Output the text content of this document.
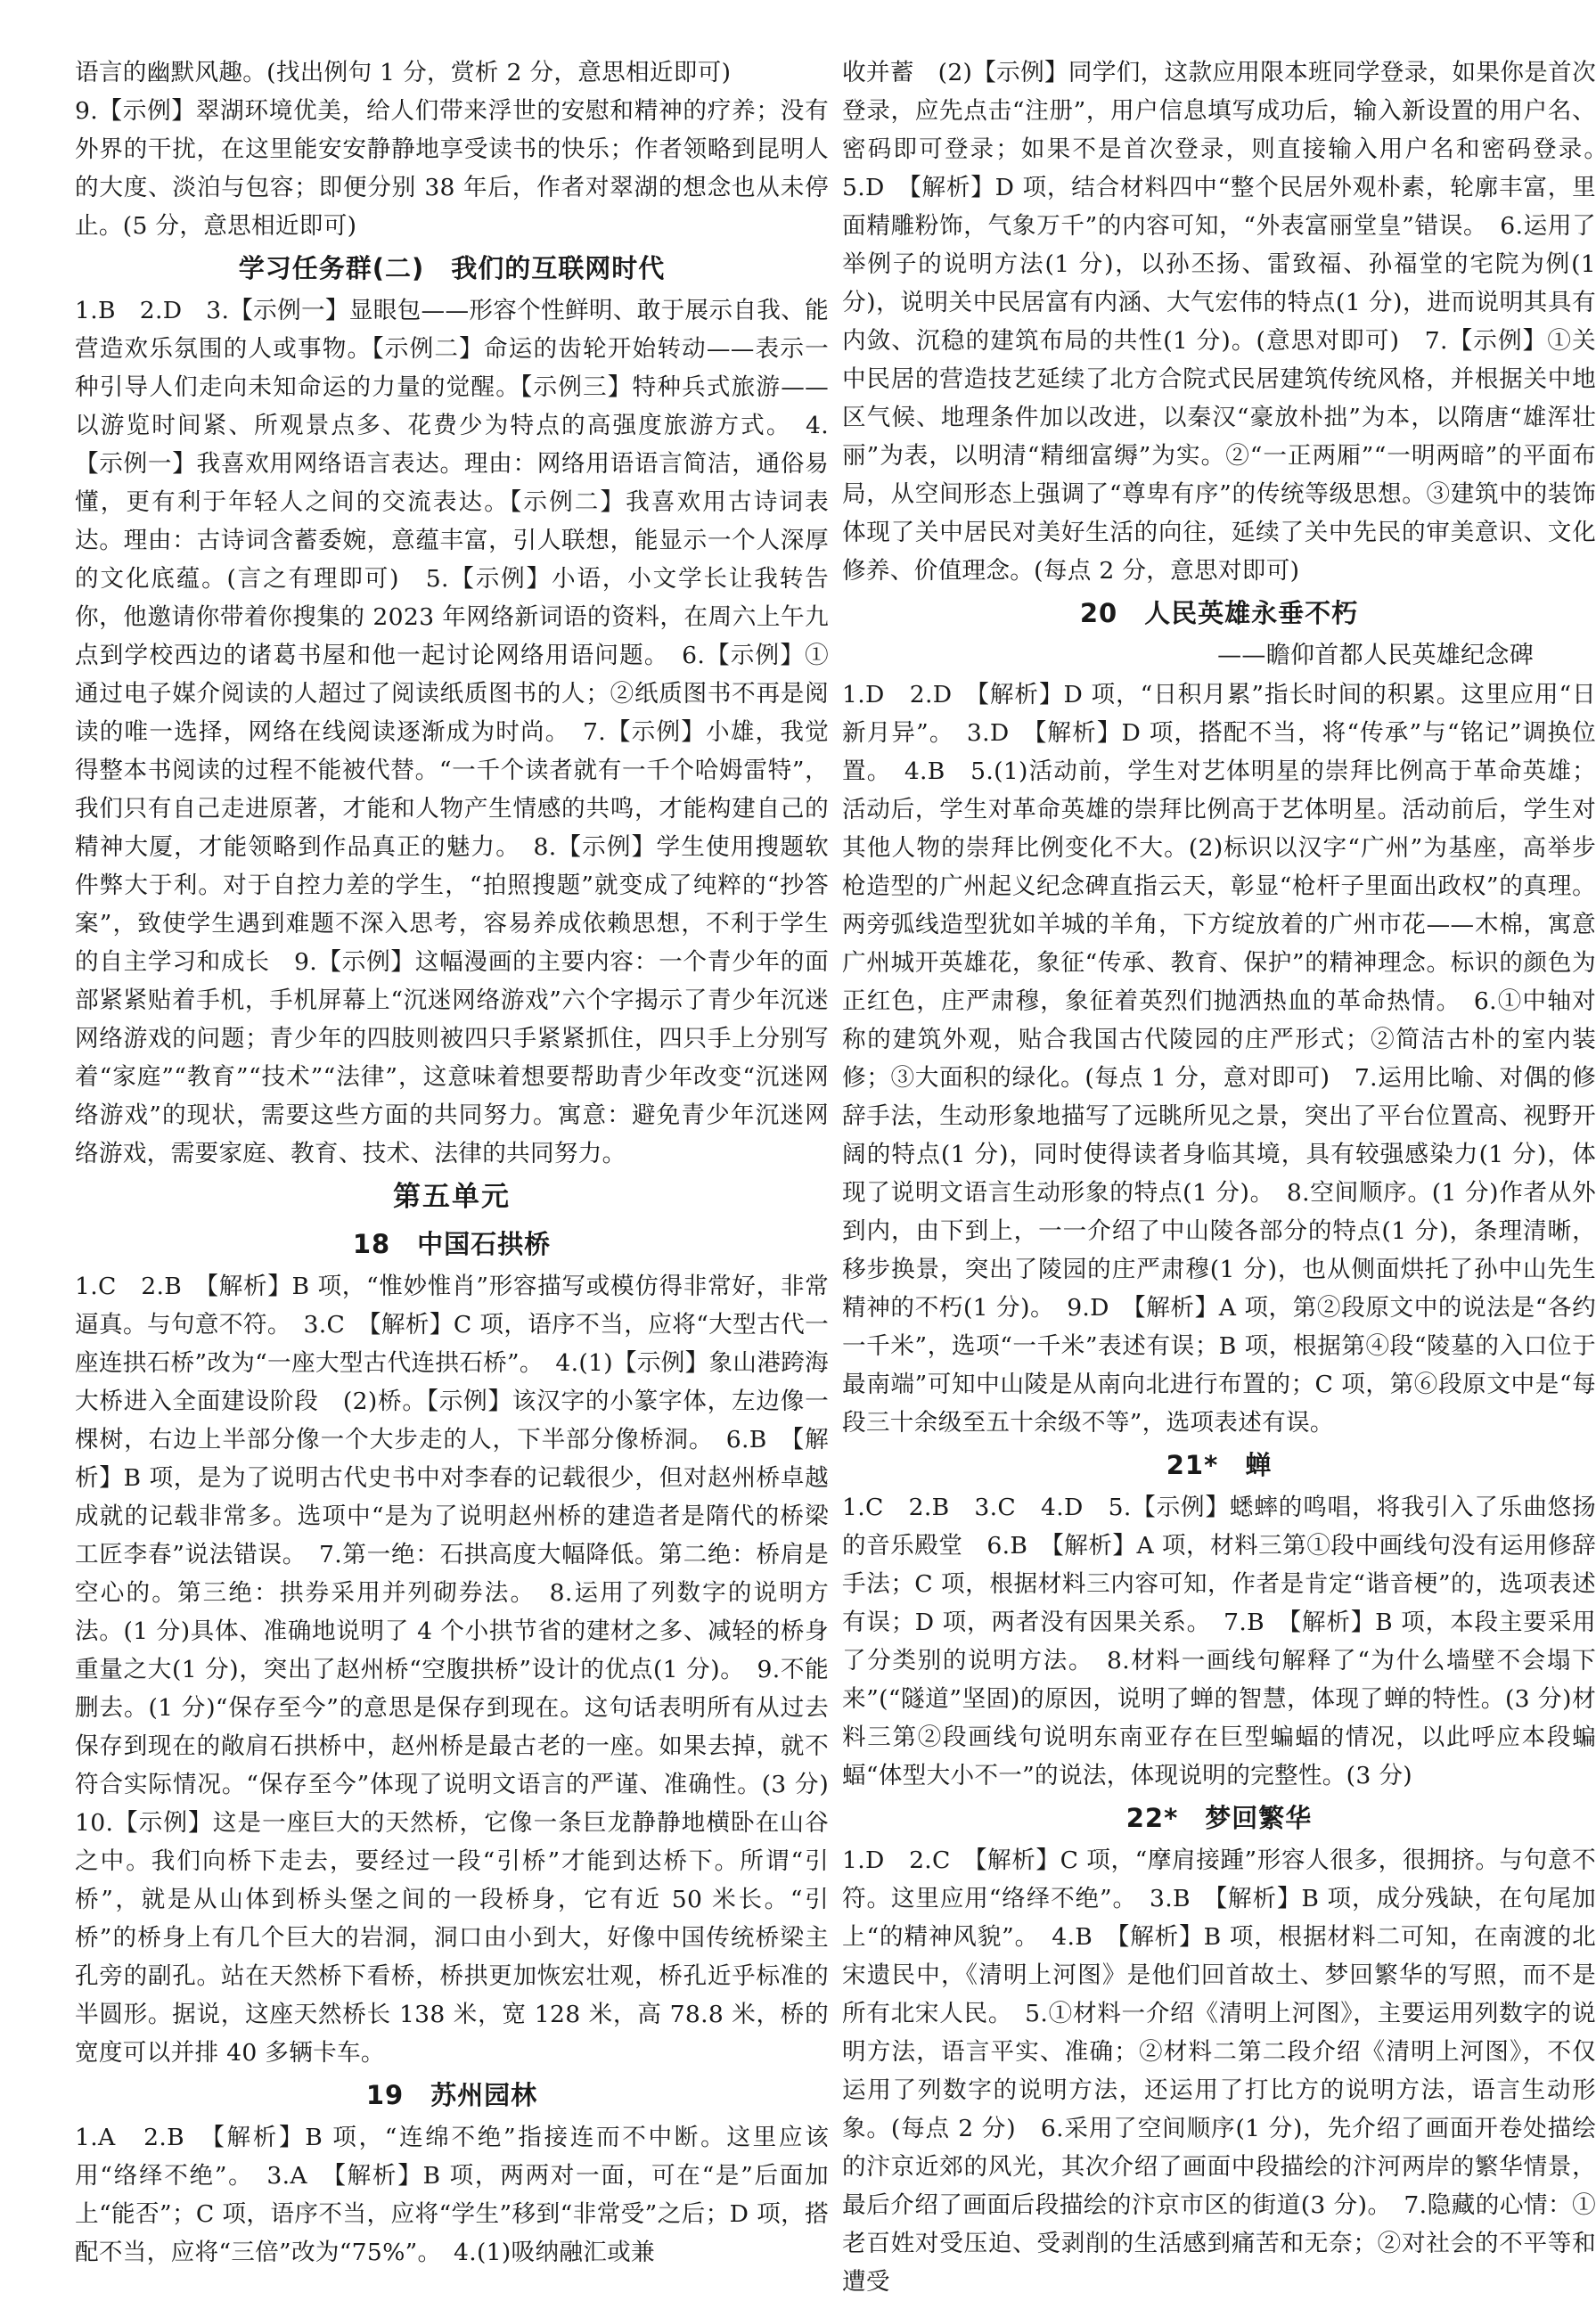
语言的幽默风趣。(找出例句 1 分，赏析 2 分，意思相近即可)

9.【示例】翠湖环境优美，给人们带来浮世的安慰和精神的疗养；没有外界的干扰，在这里能安安静静地享受读书的快乐；作者领略到昆明人的大度、淡泊与包容；即便分别 38 年后，作者对翠湖的想念也从未停止。(5 分，意思相近即可)

学习任务群(二)　我们的互联网时代

1.B　2.D　3.【示例一】显眼包——形容个性鲜明、敢于展示自我、能营造欢乐氛围的人或事物。【示例二】命运的齿轮开始转动——表示一种引导人们走向未知命运的力量的觉醒。【示例三】特种兵式旅游——以游览时间紧、所观景点多、花费少为特点的高强度旅游方式。　4.【示例一】我喜欢用网络语言表达。理由：网络用语语言简洁，通俗易懂，更有利于年轻人之间的交流表达。【示例二】我喜欢用古诗词表达。理由：古诗词含蓄委婉，意蕴丰富，引人联想，能显示一个人深厚的文化底蕴。(言之有理即可)　5.【示例】小语，小文学长让我转告你，他邀请你带着你搜集的 2023 年网络新词语的资料，在周六上午九点到学校西边的诸葛书屋和他一起讨论网络用语问题。　6.【示例】①通过电子媒介阅读的人超过了阅读纸质图书的人；②纸质图书不再是阅读的唯一选择，网络在线阅读逐渐成为时尚。　7.【示例】小雄，我觉得整本书阅读的过程不能被代替。“一千个读者就有一千个哈姆雷特”，我们只有自己走进原著，才能和人物产生情感的共鸣，才能构建自己的精神大厦，才能领略到作品真正的魅力。　8.【示例】学生使用搜题软件弊大于利。对于自控力差的学生，“拍照搜题”就变成了纯粹的“抄答案”，致使学生遇到难题不深入思考，容易养成依赖思想，不利于学生的自主学习和成长　9.【示例】这幅漫画的主要内容：一个青少年的面部紧紧贴着手机，手机屏幕上“沉迷网络游戏”六个字揭示了青少年沉迷网络游戏的问题；青少年的四肢则被四只手紧紧抓住，四只手上分别写着“家庭”“教育”“技术”“法律”，这意味着想要帮助青少年改变“沉迷网络游戏”的现状，需要这些方面的共同努力。寓意：避免青少年沉迷网络游戏，需要家庭、教育、技术、法律的共同努力。

第五单元
18　中国石拱桥

1.C　2.B　【解析】B 项，“惟妙惟肖”形容描写或模仿得非常好，非常逼真。与句意不符。　3.C　【解析】C 项，语序不当，应将“大型古代一座连拱石桥”改为“一座大型古代连拱石桥”。　4.(1)【示例】象山港跨海大桥进入全面建设阶段　(2)桥。【示例】该汉字的小篆字体，左边像一棵树，右边上半部分像一个大步走的人，下半部分像桥洞。　6.B　【解析】B 项，是为了说明古代史书中对李春的记载很少，但对赵州桥卓越成就的记载非常多。选项中“是为了说明赵州桥的建造者是隋代的桥梁工匠李春”说法错误。　7.第一绝：石拱高度大幅降低。第二绝：桥肩是空心的。第三绝：拱券采用并列砌券法。　8.运用了列数字的说明方法。(1 分)具体、准确地说明了 4 个小拱节省的建材之多、减轻的桥身重量之大(1 分)，突出了赵州桥“空腹拱桥”设计的优点(1 分)。　9.不能删去。(1 分)“保存至今”的意思是保存到现在。这句话表明所有从过去保存到现在的敞肩石拱桥中，赵州桥是最古老的一座。如果去掉，就不符合实际情况。“保存至今”体现了说明文语言的严谨、准确性。(3 分)　10.【示例】这是一座巨大的天然桥，它像一条巨龙静静地横卧在山谷之中。我们向桥下走去，要经过一段“引桥”才能到达桥下。所谓“引桥”，就是从山体到桥头堡之间的一段桥身，它有近 50 米长。“引桥”的桥身上有几个巨大的岩洞，洞口由小到大，好像中国传统桥梁主孔旁的副孔。站在天然桥下看桥，桥拱更加恢宏壮观，桥孔近乎标准的半圆形。据说，这座天然桥长 138 米，宽 128 米，高 78.8 米，桥的宽度可以并排 40 多辆卡车。

19　苏州园林

1.A　2.B　【解析】B 项，“连绵不绝”指接连而不中断。这里应该用“络绎不绝”。　3.A　【解析】B 项，两两对一面，可在“是”后面加上“能否”；C 项，语序不当，应将“学生”移到“非常受”之后；D 项，搭配不当，应将“三倍”改为“75%”。　4.(1)吸纳融汇或兼

收并蓄　(2)【示例】同学们，这款应用限本班同学登录，如果你是首次登录，应先点击“注册”，用户信息填写成功后，输入新设置的用户名、密码即可登录；如果不是首次登录，则直接输入用户名和密码登录。　5.D　【解析】D 项，结合材料四中“整个民居外观朴素，轮廓丰富，里面精雕粉饰，气象万千”的内容可知，“外表富丽堂皇”错误。　6.运用了举例子的说明方法(1 分)，以孙丕扬、雷致福、孙福堂的宅院为例(1 分)，说明关中民居富有内涵、大气宏伟的特点(1 分)，进而说明其具有内敛、沉稳的建筑布局的共性(1 分)。(意思对即可)　7.【示例】①关中民居的营造技艺延续了北方合院式民居建筑传统风格，并根据关中地区气候、地理条件加以改进，以秦汉“豪放朴拙”为本，以隋唐“雄浑壮丽”为表，以明清“精细富缛”为实。②“一正两厢”“一明两暗”的平面布局，从空间形态上强调了“尊卑有序”的传统等级思想。③建筑中的装饰体现了关中居民对美好生活的向往，延续了关中先民的审美意识、文化修养、价值理念。(每点 2 分，意思对即可)

20　人民英雄永垂不朽
——瞻仰首都人民英雄纪念碑

1.D　2.D　【解析】D 项，“日积月累”指长时间的积累。这里应用“日新月异”。　3.D　【解析】D 项，搭配不当，将“传承”与“铭记”调换位置。　4.B　5.(1)活动前，学生对艺体明星的崇拜比例高于革命英雄；活动后，学生对革命英雄的崇拜比例高于艺体明星。活动前后，学生对其他人物的崇拜比例变化不大。(2)标识以汉字“广州”为基座，高举步枪造型的广州起义纪念碑直指云天，彰显“枪杆子里面出政权”的真理。两旁弧线造型犹如羊城的羊角，下方绽放着的广州市花——木棉，寓意广州城开英雄花，象征“传承、教育、保护”的精神理念。标识的颜色为正红色，庄严肃穆，象征着英烈们抛洒热血的革命热情。　6.①中轴对称的建筑外观，贴合我国古代陵园的庄严形式；②简洁古朴的室内装修；③大面积的绿化。(每点 1 分，意对即可)　7.运用比喻、对偶的修辞手法，生动形象地描写了远眺所见之景，突出了平台位置高、视野开阔的特点(1 分)，同时使得读者身临其境，具有较强感染力(1 分)，体现了说明文语言生动形象的特点(1 分)。　8.空间顺序。(1 分)作者从外到内，由下到上，一一介绍了中山陵各部分的特点(1 分)，条理清晰，移步换景，突出了陵园的庄严肃穆(1 分)，也从侧面烘托了孙中山先生精神的不朽(1 分)。　9.D　【解析】A 项，第②段原文中的说法是“各约一千米”，选项“一千米”表述有误；B 项，根据第④段“陵墓的入口位于最南端”可知中山陵是从南向北进行布置的；C 项，第⑥段原文中是“每段三十余级至五十余级不等”，选项表述有误。

21*　蝉

1.C　2.B　3.C　4.D　5.【示例】蟋蟀的鸣唱，将我引入了乐曲悠扬的音乐殿堂　6.B　【解析】A 项，材料三第①段中画线句没有运用修辞手法；C 项，根据材料三内容可知，作者是肯定“谐音梗”的，选项表述有误；D 项，两者没有因果关系。　7.B　【解析】B 项，本段主要采用了分类别的说明方法。　8.材料一画线句解释了“为什么墙壁不会塌下来”(“隧道”坚固)的原因，说明了蝉的智慧，体现了蝉的特性。(3 分)材料三第②段画线句说明东南亚存在巨型蝙蝠的情况，以此呼应本段蝙蝠“体型大小不一”的说法，体现说明的完整性。(3 分)

22*　梦回繁华

1.D　2.C　【解析】C 项，“摩肩接踵”形容人很多，很拥挤。与句意不符。这里应用“络绎不绝”。　3.B　【解析】B 项，成分残缺，在句尾加上“的精神风貌”。　4.B　【解析】B 项，根据材料二可知，在南渡的北宋遗民中，《清明上河图》是他们回首故土、梦回繁华的写照，而不是所有北宋人民。　5.①材料一介绍《清明上河图》，主要运用列数字的说明方法，语言平实、准确；②材料二第二段介绍《清明上河图》，不仅运用了列数字的说明方法，还运用了打比方的说明方法，语言生动形象。(每点 2 分)　6.采用了空间顺序(1 分)，先介绍了画面开卷处描绘的汴京近郊的风光，其次介绍了画面中段描绘的汴河两岸的繁华情景，最后介绍了画面后段描绘的汴京市区的街道(3 分)。　7.隐藏的心情：①老百姓对受压迫、受剥削的生活感到痛苦和无奈；②对社会的不平等和遭受
